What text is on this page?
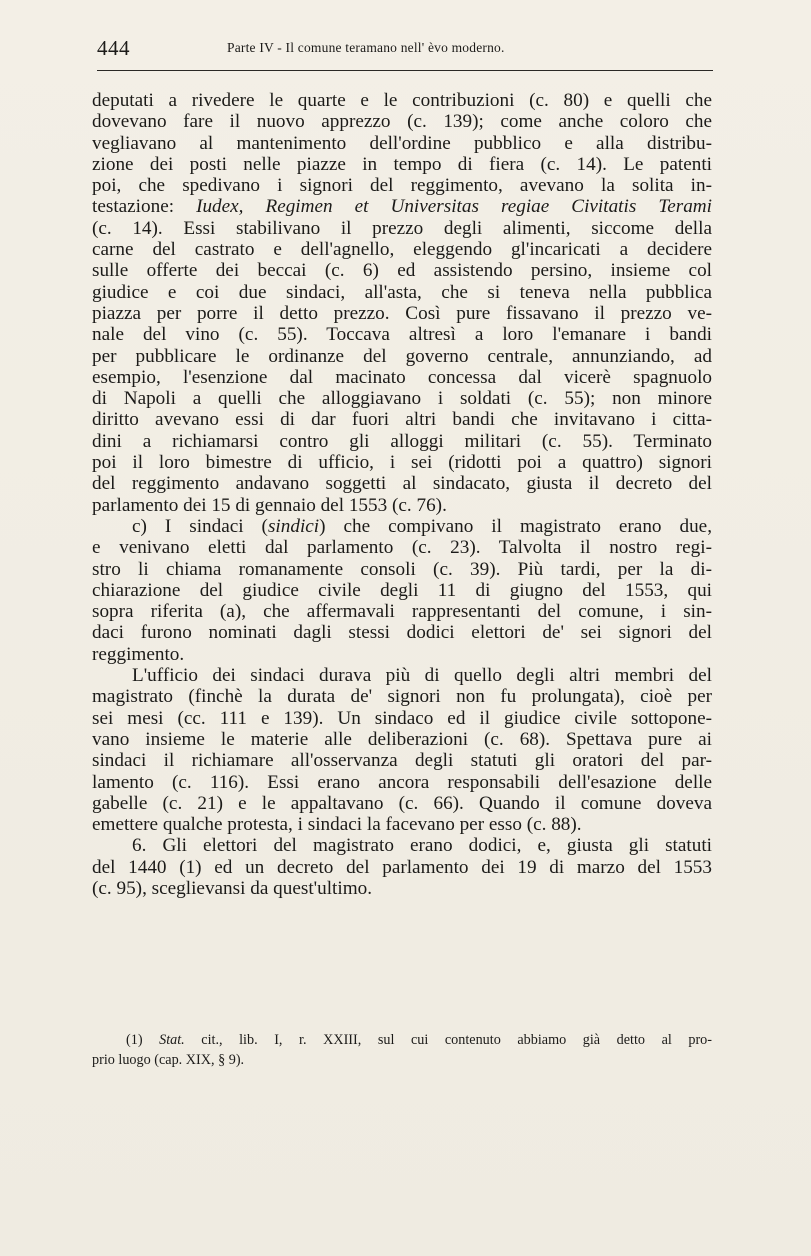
444	Parte IV - Il comune teramano nell' èvo moderno.
deputati a rivedere le quarte e le contribuzioni (c. 80) e quelli che
dovevano fare il nuovo apprezzo (c. 139); come anche coloro che
vegliavano al mantenimento dell'ordine pubblico e alla distribu-
zione dei posti nelle piazze in tempo di fiera (c. 14). Le patenti
poi, che spedivano i signori del reggimento, avevano la solita in-
testazione: Iudex, Regimen et Universitas regiae Civitatis Terami
(c. 14). Essi stabilivano il prezzo degli alimenti, siccome della
carne del castrato e dell'agnello, eleggendo gl'incaricati a decidere
sulle offerte dei beccai (c. 6) ed assistendo persino, insieme col
giudice e coi due sindaci, all'asta, che si teneva nella pubblica
piazza per porre il detto prezzo. Così pure fissavano il prezzo ve-
nale del vino (c. 55). Toccava altresì a loro l'emanare i bandi
per pubblicare le ordinanze del governo centrale, annunziando, ad
esempio, l'esenzione dal macinato concessa dal vicerè spagnuolo
di Napoli a quelli che alloggiavano i soldati (c. 55); non minore
diritto avevano essi di dar fuori altri bandi che invitavano i citta-
dini a richiamarsi contro gli alloggi militari (c. 55). Terminato
poi il loro bimestre di ufficio, i sei (ridotti poi a quattro) signori
del reggimento andavano soggetti al sindacato, giusta il decreto del
parlamento dei 15 di gennaio del 1553 (c. 76).
c) I sindaci (sindici) che compivano il magistrato erano due,
e venivano eletti dal parlamento (c. 23). Talvolta il nostro regi-
stro li chiama romanamente consoli (c. 39). Più tardi, per la di-
chiarazione del giudice civile degli 11 di giugno del 1553, qui
sopra riferita (a), che affermavali rappresentanti del comune, i sin-
daci furono nominati dagli stessi dodici elettori de' sei signori del
reggimento.
L'ufficio dei sindaci durava più di quello degli altri membri del
magistrato (finchè la durata de' signori non fu prolungata), cioè per
sei mesi (cc. 111 e 139). Un sindaco ed il giudice civile sottopone-
vano insieme le materie alle deliberazioni (c. 68). Spettava pure ai
sindaci il richiamare all'osservanza degli statuti gli oratori del par-
lamento (c. 116). Essi erano ancora responsabili dell'esazione delle
gabelle (c. 21) e le appaltavano (c. 66). Quando il comune doveva
emettere qualche protesta, i sindaci la facevano per esso (c. 88).
6. Gli elettori del magistrato erano dodici, e, giusta gli statuti
del 1440 (1) ed un decreto del parlamento dei 19 di marzo del 1553
(c. 95), sceglievansi da quest'ultimo.
(1) Stat. cit., lib. I, r. XXIII, sul cui contenuto abbiamo già detto al pro-
prio luogo (cap. XIX, § 9).
